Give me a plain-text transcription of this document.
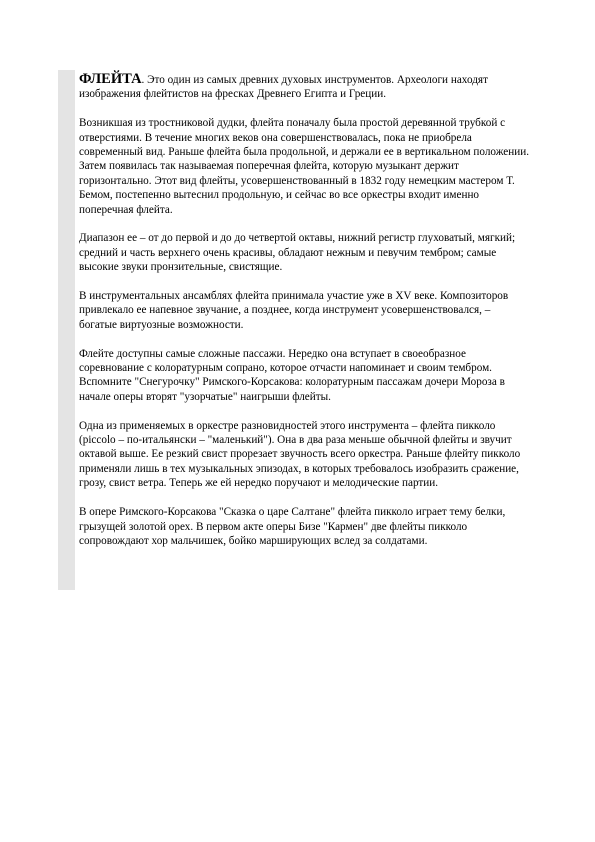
ФЛЕЙТА. Это один из самых древних духовых инструментов. Археологи находят изображения флейтистов на фресках Древнего Египта и Греции.

Возникшая из тростниковой дудки, флейта поначалу была простой деревянной трубкой с отверстиями. В течение многих веков она совершенствовалась, пока не приобрела современный вид. Раньше флейта была продольной, и держали ее в вертикальном положении. Затем появилась так называемая поперечная флейта, которую музыкант держит горизонтально. Этот вид флейты, усовершенствованный в 1832 году немецким мастером Т. Бемом, постепенно вытеснил продольную, и сейчас во все оркестры входит именно поперечная флейта.

Диапазон ее – от до первой и до до четвертой октавы, нижний регистр глуховатый, мягкий; средний и часть верхнего очень красивы, обладают нежным и певучим тембром; самые высокие звуки пронзительные, свистящие.

В инструментальных ансамблях флейта принимала участие уже в XV веке. Композиторов привлекало ее напевное звучание, а позднее, когда инструмент усовершенствовался, – богатые виртуозные возможности.

Флейте доступны самые сложные пассажи. Нередко она вступает в своеобразное соревнование с колоратурным сопрано, которое отчасти напоминает и своим тембром. Вспомните "Снегурочку" Римского-Корсакова: колоратурным пассажам дочери Мороза в начале оперы вторят "узорчатые" наигрыши флейты.

Одна из применяемых в оркестре разновидностей этого инструмента – флейта пикколо (piccolo – по-итальянски – "маленький"). Она в два раза меньше обычной флейты и звучит октавой выше. Ее резкий свист прорезает звучность всего оркестра. Раньше флейту пикколо применяли лишь в тех музыкальных эпизодах, в которых требовалось изобразить сражение, грозу, свист ветра. Теперь же ей нередко поручают и мелодические партии.

В опере Римского-Корсакова "Сказка о царе Салтане" флейта пикколо играет тему белки, грызущей золотой орех. В первом акте оперы Бизе "Кармен" две флейты пикколо сопровождают хор мальчишек, бойко марширующих вслед за солдатами.
